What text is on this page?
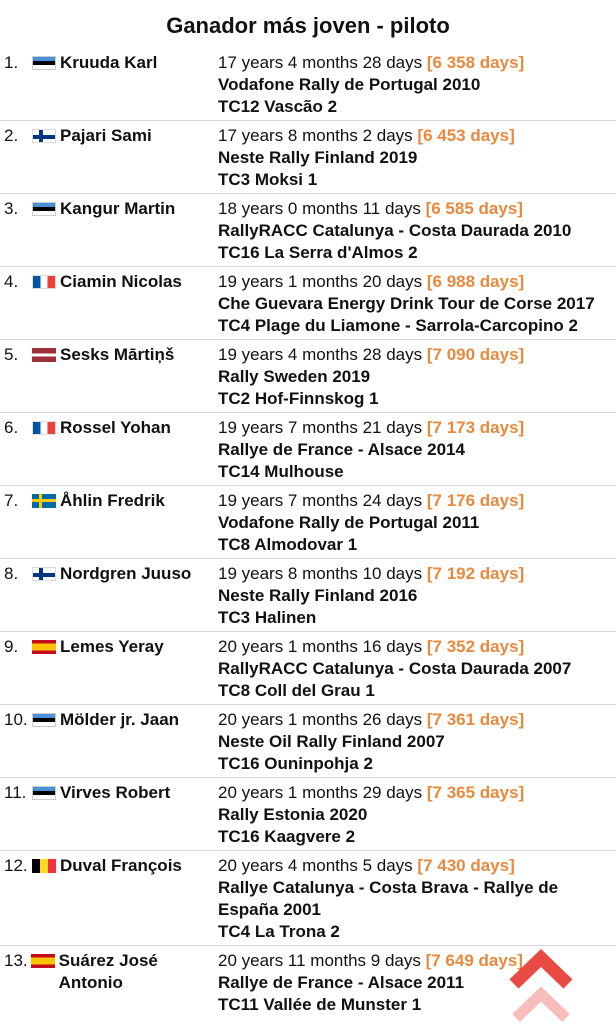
Ganador más joven - piloto
1.	Kruuda Karl	17 years 4 months 28 days [6 358 days]
Vodafone Rally de Portugal 2010
TC12 Vascão 2
2.	Pajari Sami	17 years 8 months 2 days [6 453 days]
Neste Rally Finland 2019
TC3 Moksi 1
3.	Kangur Martin	18 years 0 months 11 days [6 585 days]
RallyRACC Catalunya - Costa Daurada 2010
TC16 La Serra d'Almos 2
4.	Ciamin Nicolas 19 years 1 months 20 days [6 988 days]
Che Guevara Energy Drink Tour de Corse 2017
TC4 Plage du Liamone - Sarrola-Carcopino 2
5.	Sesks Mārtiņš	19 years 4 months 28 days [7 090 days]
Rally Sweden 2019
TC2 Hof-Finnskog 1
6.	Rossel Yohan	19 years 7 months 21 days [7 173 days]
Rallye de France - Alsace 2014
TC14 Mulhouse
7.	Åhlin Fredrik	19 years 7 months 24 days [7 176 days]
Vodafone Rally de Portugal 2011
TC8 Almodovar 1
8.	Nordgren Juuso 19 years 8 months 10 days [7 192 days]
Neste Rally Finland 2016
TC3 Halinen
9.	Lemes Yeray	20 years 1 months 16 days [7 352 days]
RallyRACC Catalunya - Costa Daurada 2007
TC8 Coll del Grau 1
10. Mölder jr. Jaan 20 years 1 months 26 days [7 361 days]
Neste Oil Rally Finland 2007
TC16 Ouninpohja 2
11.	Virves Robert	20 years 1 months 29 days [7 365 days]
Rally Estonia 2020
TC16 Kaagvere 2
12. Duval François 20 years 4 months 5 days [7 430 days]
Rallye Catalunya - Costa Brava - Rallye de España 2001
TC4 La Trona 2
13. Suárez José Antonio
20 years 11 months 9 days [7 649 days]
Rallye de France - Alsace 2011
TC11 Vallée de Munster 1
